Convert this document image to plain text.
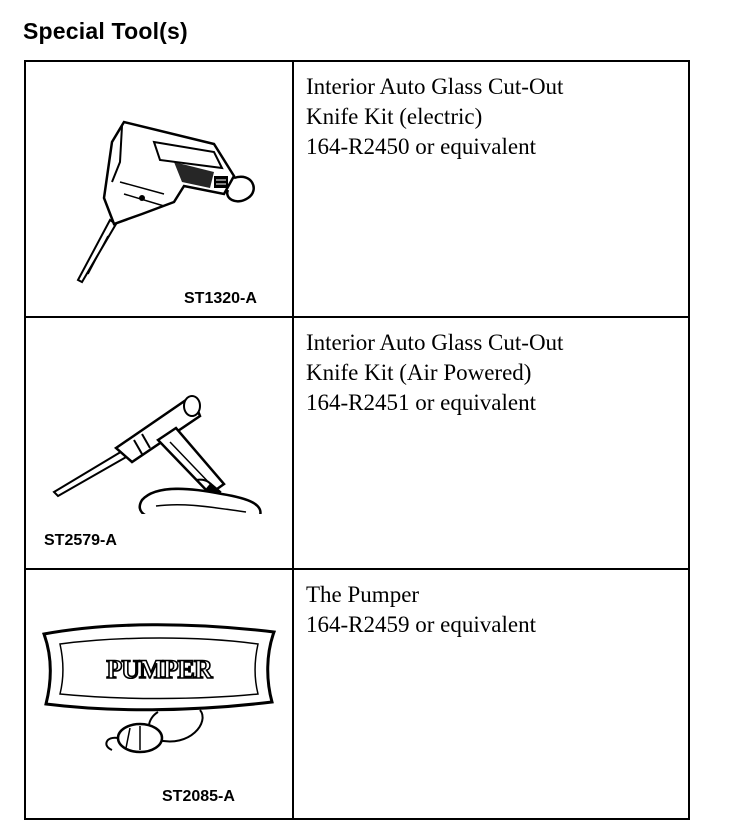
Special Tool(s)
ST1320-A
Interior Auto Glass Cut-Out
Knife Kit (electric)
164-R2450 or equivalent
ST2579-A
Interior Auto Glass Cut-Out
Knife Kit (Air Powered)
164-R2451 or equivalent
PUMPER
ST2085-A
The Pumper
164-R2459 or equivalent
